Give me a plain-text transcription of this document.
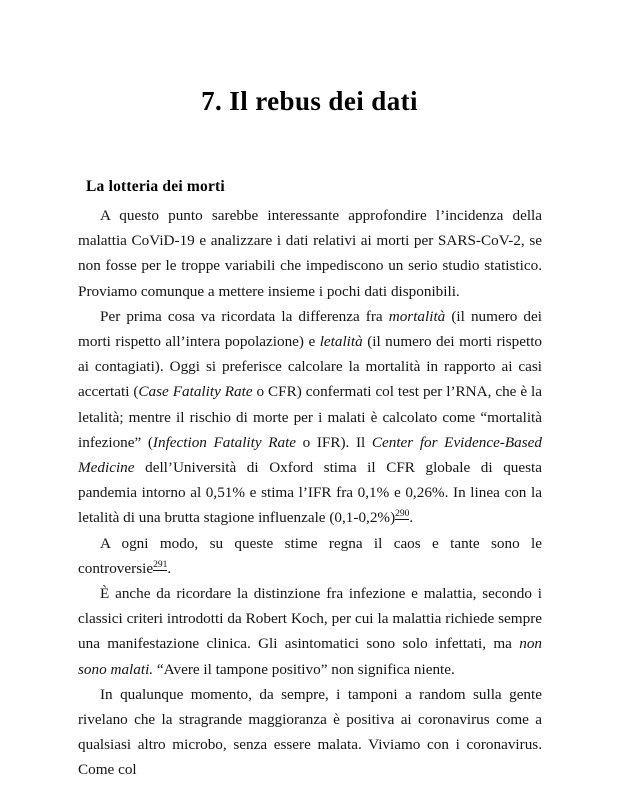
7. Il rebus dei dati
La lotteria dei morti

A questo punto sarebbe interessante approfondire l’incidenza della malattia CoViD-19 e analizzare i dati relativi ai morti per SARS-CoV-2, se non fosse per le troppe variabili che impediscono un serio studio statistico. Proviamo comunque a mettere insieme i pochi dati disponibili.

Per prima cosa va ricordata la differenza fra mortalità (il numero dei morti rispetto all’intera popolazione) e letalità (il numero dei morti rispetto ai contagiati). Oggi si preferisce calcolare la mortalità in rapporto ai casi accertati (Case Fatality Rate o CFR) confermati col test per l’RNA, che è la letalità; mentre il rischio di morte per i malati è calcolato come “mortalità infezione” (Infection Fatality Rate o IFR). Il Center for Evidence-Based Medicine dell’Università di Oxford stima il CFR globale di questa pandemia intorno al 0,51% e stima l’IFR fra 0,1% e 0,26%. In linea con la letalità di una brutta stagione influenzale (0,1-0,2%)$^{290}$.

A ogni modo, su queste stime regna il caos e tante sono le controversie$^{291}$.

È anche da ricordare la distinzione fra infezione e malattia, secondo i classici criteri introdotti da Robert Koch, per cui la malattia richiede sempre una manifestazione clinica. Gli asintomatici sono solo infettati, ma non sono malati. “Avere il tampone positivo” non significa niente.

In qualunque momento, da sempre, i tamponi a random sulla gente rivelano che la stragrande maggioranza è positiva ai coronavirus come a qualsiasi altro microbo, senza essere malata. Viviamo con i coronavirus. Come col
